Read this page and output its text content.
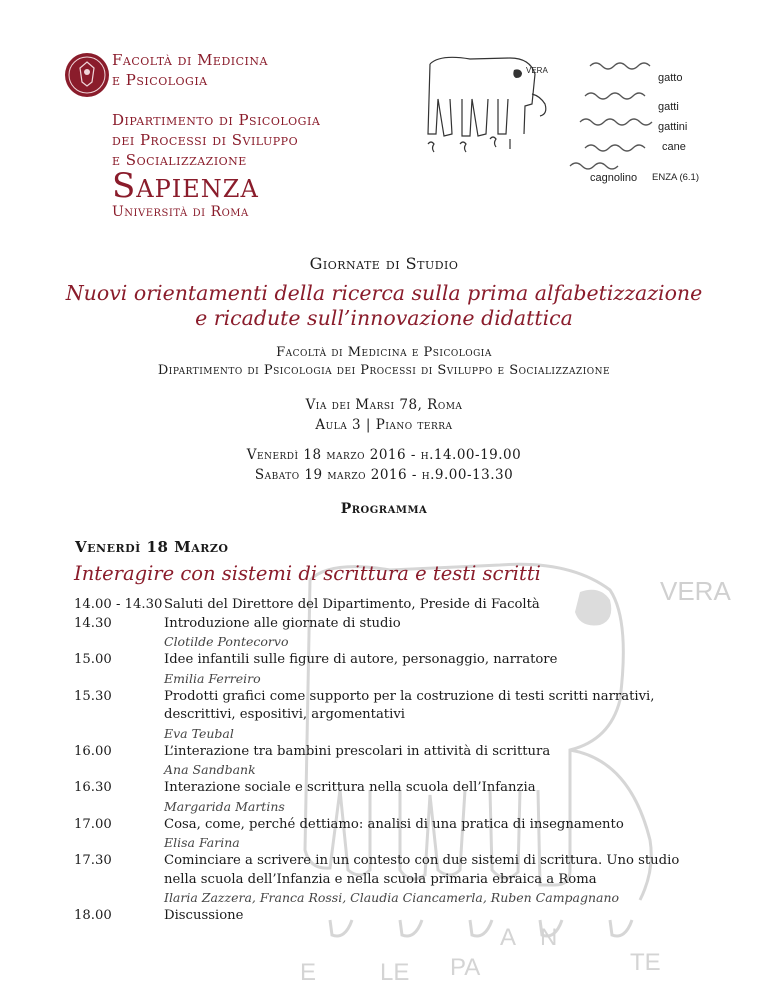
VERA
E	LE PA
A N
TE
Facoltà di Medicina
e Psicologia
Dipartimento di Psicologia
dei Processi di Sviluppo
e Socializzazione
Sapienza
Università di Roma
VERA
gatto
gatti
gattini
cane
cagnolino ENZA (6.1)
Giornate di Studio
Nuovi orientamenti della ricerca sulla prima alfabetizzazione
e ricadute sull’innovazione didattica
Facoltà di Medicina e Psicologia
Dipartimento di Psicologia dei Processi di Sviluppo e Socializzazione
Via dei Marsi 78, Roma
Aula 3 | Piano terra
Venerdì 18 marzo 2016 - h.14.00-19.00
Sabato 19 marzo 2016 - h.9.00-13.30
Programma
Venerdì 18 Marzo
Interagire con sistemi di scrittura e testi scritti
14.00 - 14.30 Saluti del Direttore del Dipartimento, Preside di Facoltà
14.30	Introduzione alle giornate di studio
Clotilde Pontecorvo
15.00	Idee infantili sulle figure di autore, personaggio, narratore
Emilia Ferreiro
15.30	Prodotti grafici come supporto per la costruzione di testi scritti narrativi, descrittivi, espositivi, argomentativi
Eva Teubal
16.00	L’interazione tra bambini prescolari in attività di scrittura
Ana Sandbank
16.30	Interazione sociale e scrittura nella scuola dell’Infanzia
Margarida Martins
17.00	Cosa, come, perché dettiamo: analisi di una pratica di insegnamento
Elisa Farina
17.30	Cominciare a scrivere in un contesto con due sistemi di scrittura. Uno studio nella scuola dell’Infanzia e nella scuola primaria ebraica a Roma
Ilaria Zazzera, Franca Rossi, Claudia Ciancamerla, Ruben Campagnano
18.00	Discussione
